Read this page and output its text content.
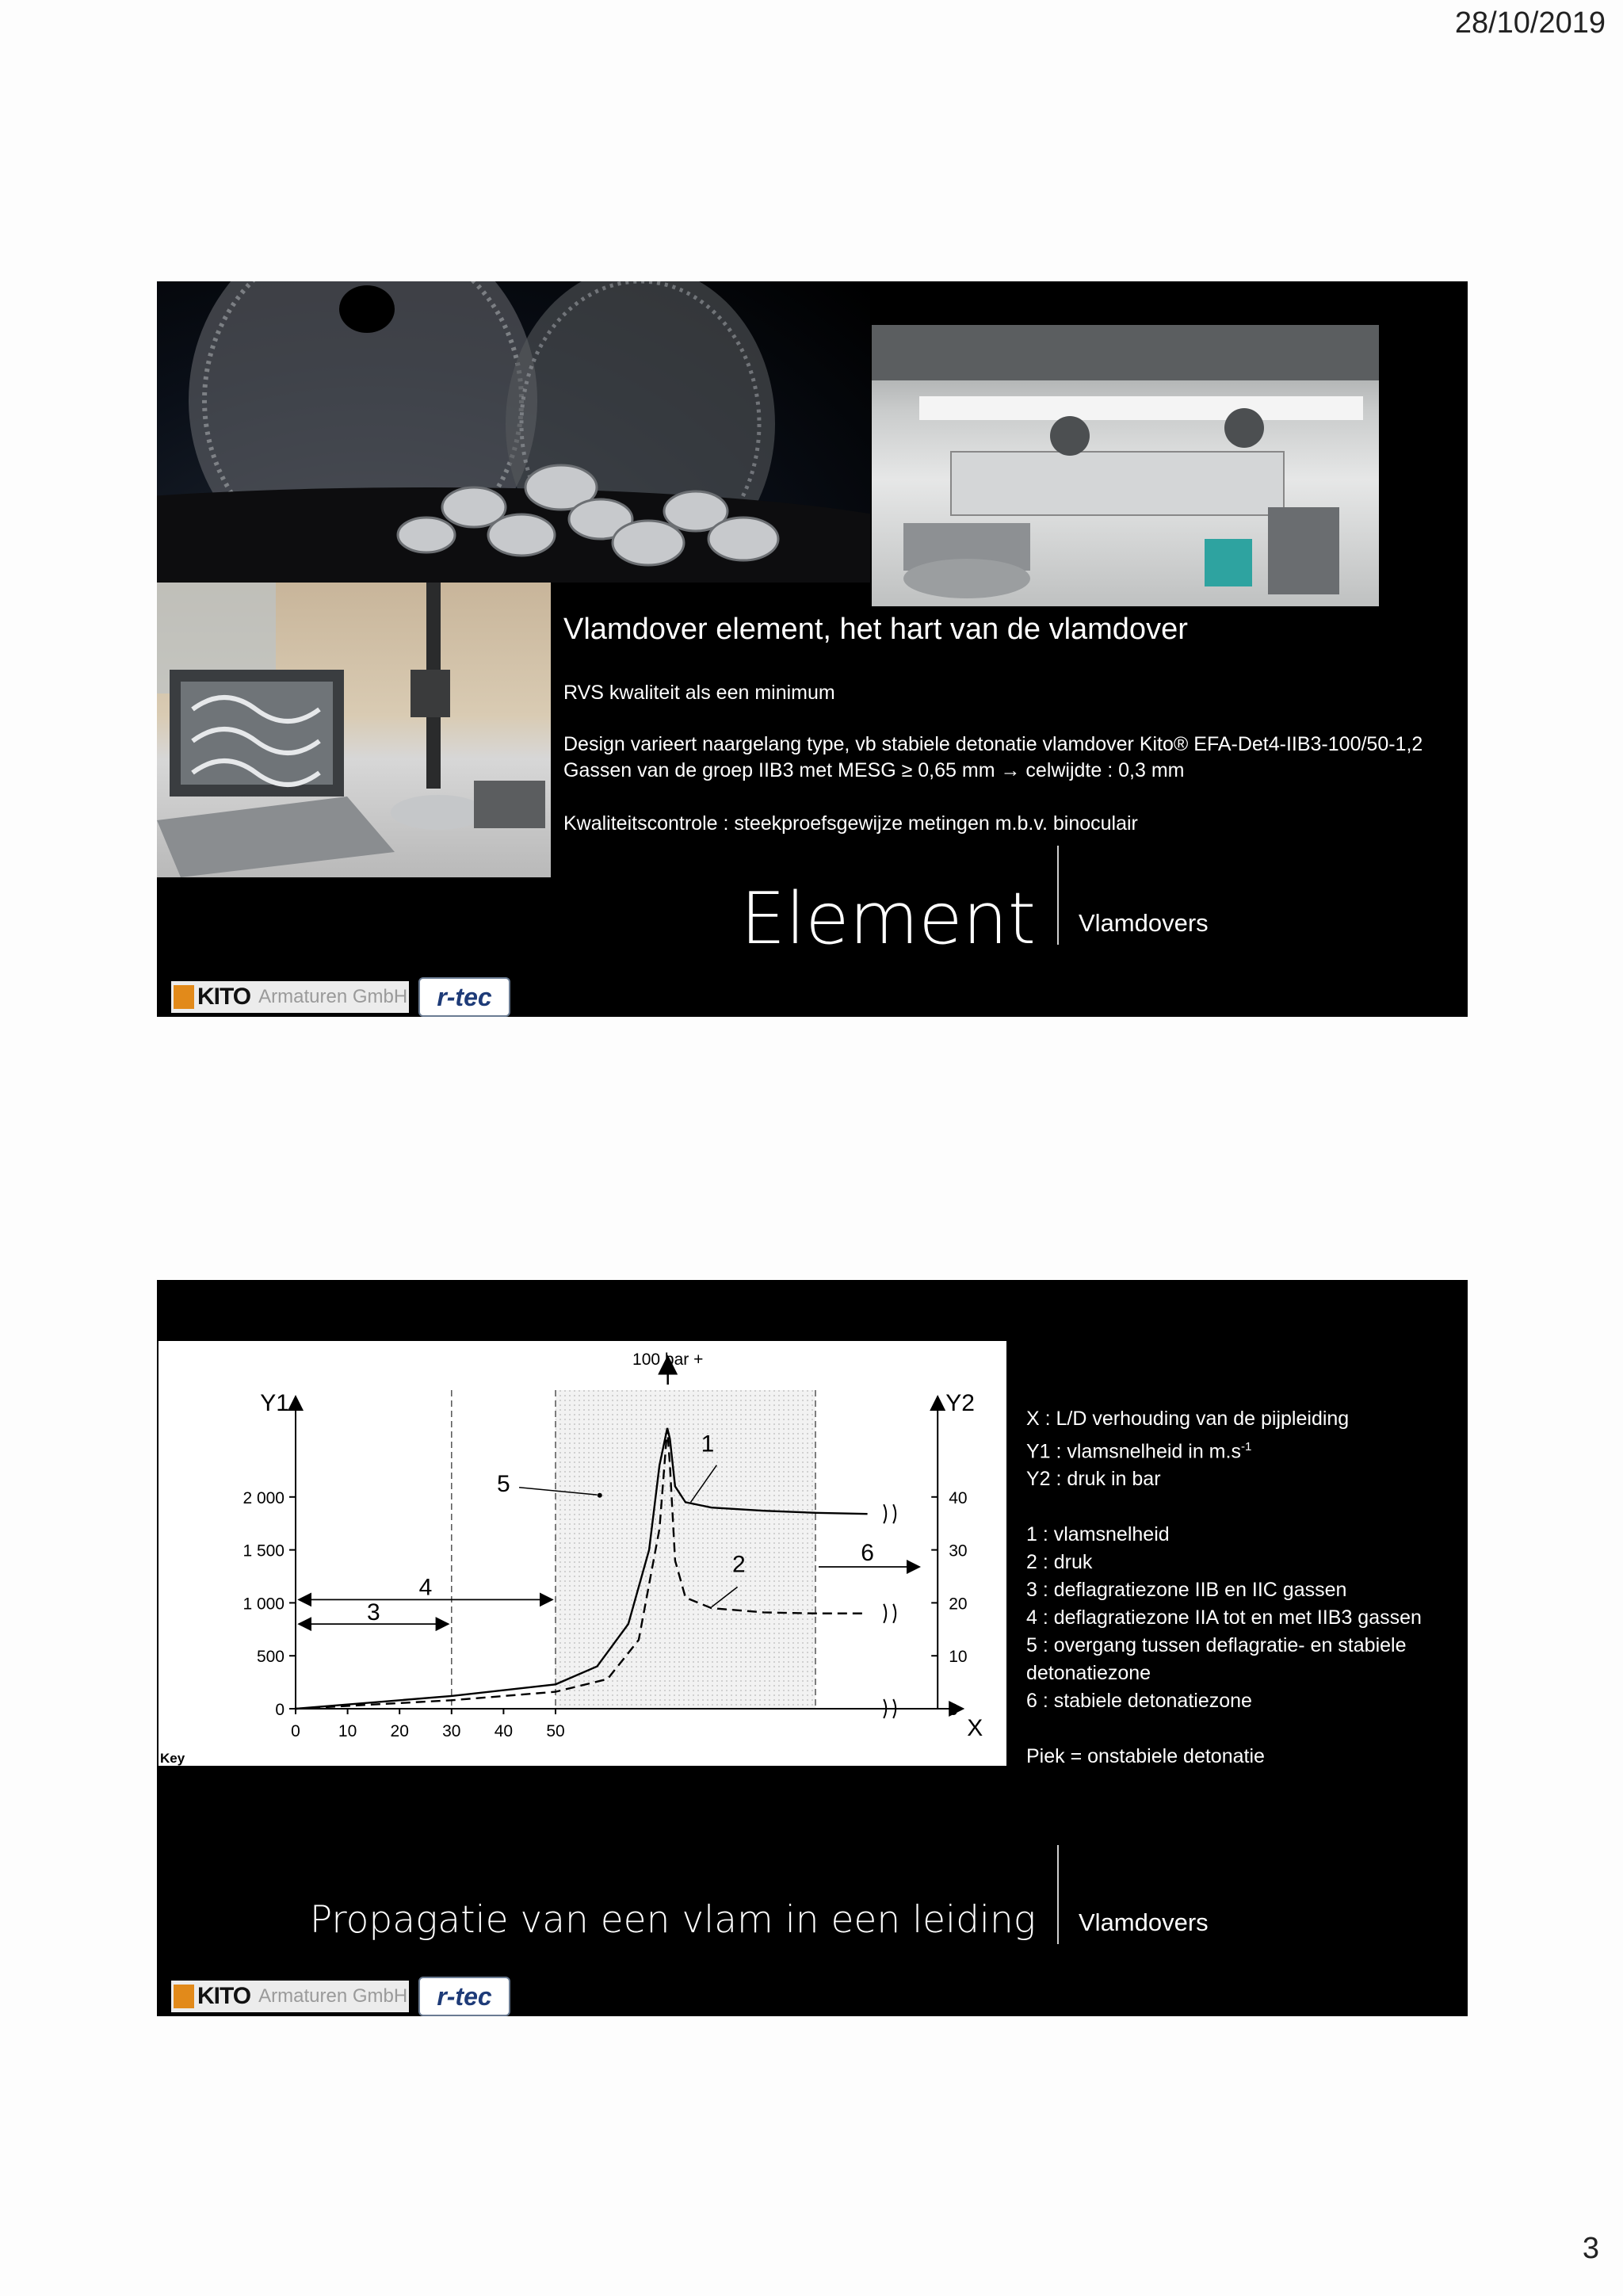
28/10/2019
Vlamdover element, het hart van de vlamdover
RVS kwaliteit als een minimum
Design varieert naargelang type, vb stabiele detonatie vlamdover Kito® EFA-Det4-IIB3-100/50-1,2
Gassen van de groep IIB3 met MESG ≥ 0,65 mm → celwijdte : 0,3 mm
Kwaliteitscontrole : steekproefsgewijze metingen m.b.v. binoculair
Element Vlamdovers
KITO Armaturen GmbH	r-tec
Y1	Y2
X
Key
0
500
1 000
1 500
2 000
0
10
20
30
40
0 10 20 30 40 50
100 bar +
1
2
3
4
5
6
X : L/D verhouding van de pijpleiding
Y1 : vlamsnelheid in $m.s^{-1}$
Y2 : druk in bar
1 : vlamsnelheid
2 : druk
3 : deflagratiezone IIB en IIC gassen
4 : deflagratiezone IIA tot en met IIB3 gassen
5 : overgang tussen deflagratie- en stabiele detonatiezone
6 : stabiele detonatiezone
Piek = onstabiele detonatie
Propagatie van een vlam in een leiding Vlamdovers
KITO Armaturen GmbH	r-tec
3
